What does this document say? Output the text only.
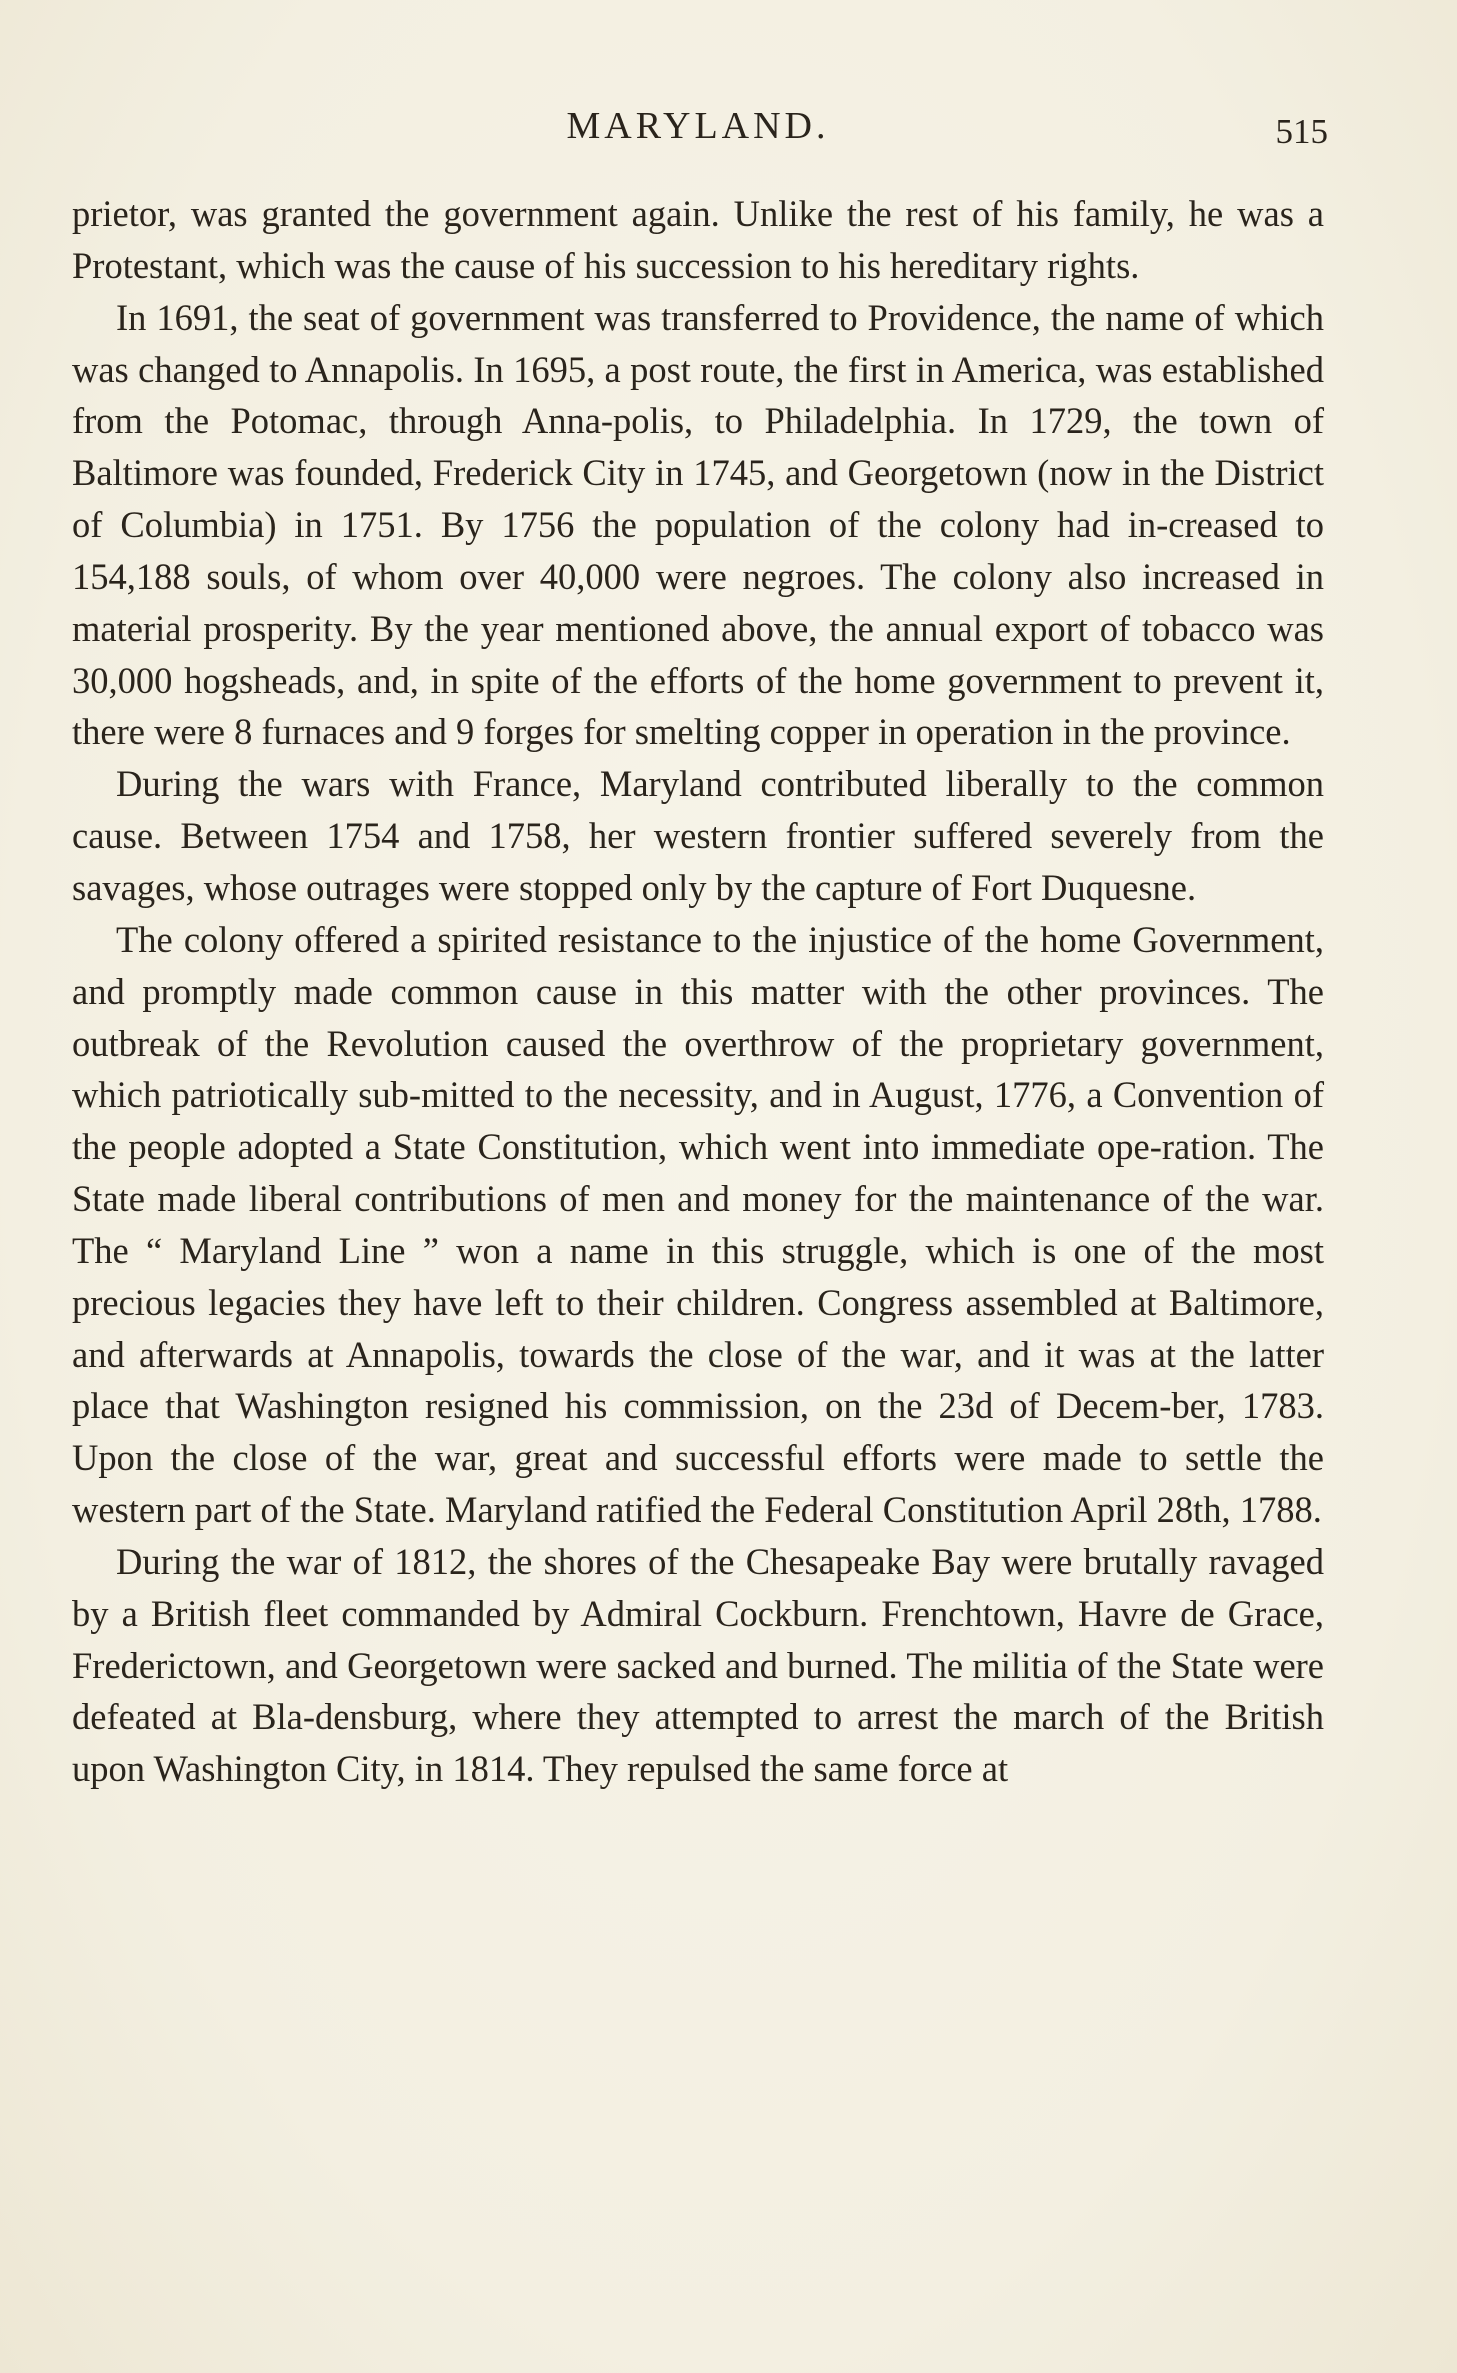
MARYLAND.	515

prietor, was granted the government again. Unlike the rest of his family, he was a Protestant, which was the cause of his succession to his hereditary rights.

In 1691, the seat of government was transferred to Providence, the name of which was changed to Annapolis. In 1695, a post route, the first in America, was established from the Potomac, through Anna-polis, to Philadelphia. In 1729, the town of Baltimore was founded, Frederick City in 1745, and Georgetown (now in the District of Columbia) in 1751. By 1756 the population of the colony had in-creased to 154,188 souls, of whom over 40,000 were negroes. The colony also increased in material prosperity. By the year mentioned above, the annual export of tobacco was 30,000 hogsheads, and, in spite of the efforts of the home government to prevent it, there were 8 furnaces and 9 forges for smelting copper in operation in the province.

During the wars with France, Maryland contributed liberally to the common cause. Between 1754 and 1758, her western frontier suffered severely from the savages, whose outrages were stopped only by the capture of Fort Duquesne.

The colony offered a spirited resistance to the injustice of the home Government, and promptly made common cause in this matter with the other provinces. The outbreak of the Revolution caused the overthrow of the proprietary government, which patriotically sub-mitted to the necessity, and in August, 1776, a Convention of the people adopted a State Constitution, which went into immediate ope-ration. The State made liberal contributions of men and money for the maintenance of the war. The “ Maryland Line ” won a name in this struggle, which is one of the most precious legacies they have left to their children. Congress assembled at Baltimore, and afterwards at Annapolis, towards the close of the war, and it was at the latter place that Washington resigned his commission, on the 23d of Decem-ber, 1783. Upon the close of the war, great and successful efforts were made to settle the western part of the State. Maryland ratified the Federal Constitution April 28th, 1788.

During the war of 1812, the shores of the Chesapeake Bay were brutally ravaged by a British fleet commanded by Admiral Cockburn. Frenchtown, Havre de Grace, Frederictown, and Georgetown were sacked and burned. The militia of the State were defeated at Bla-densburg, where they attempted to arrest the march of the British upon Washington City, in 1814. They repulsed the same force at
